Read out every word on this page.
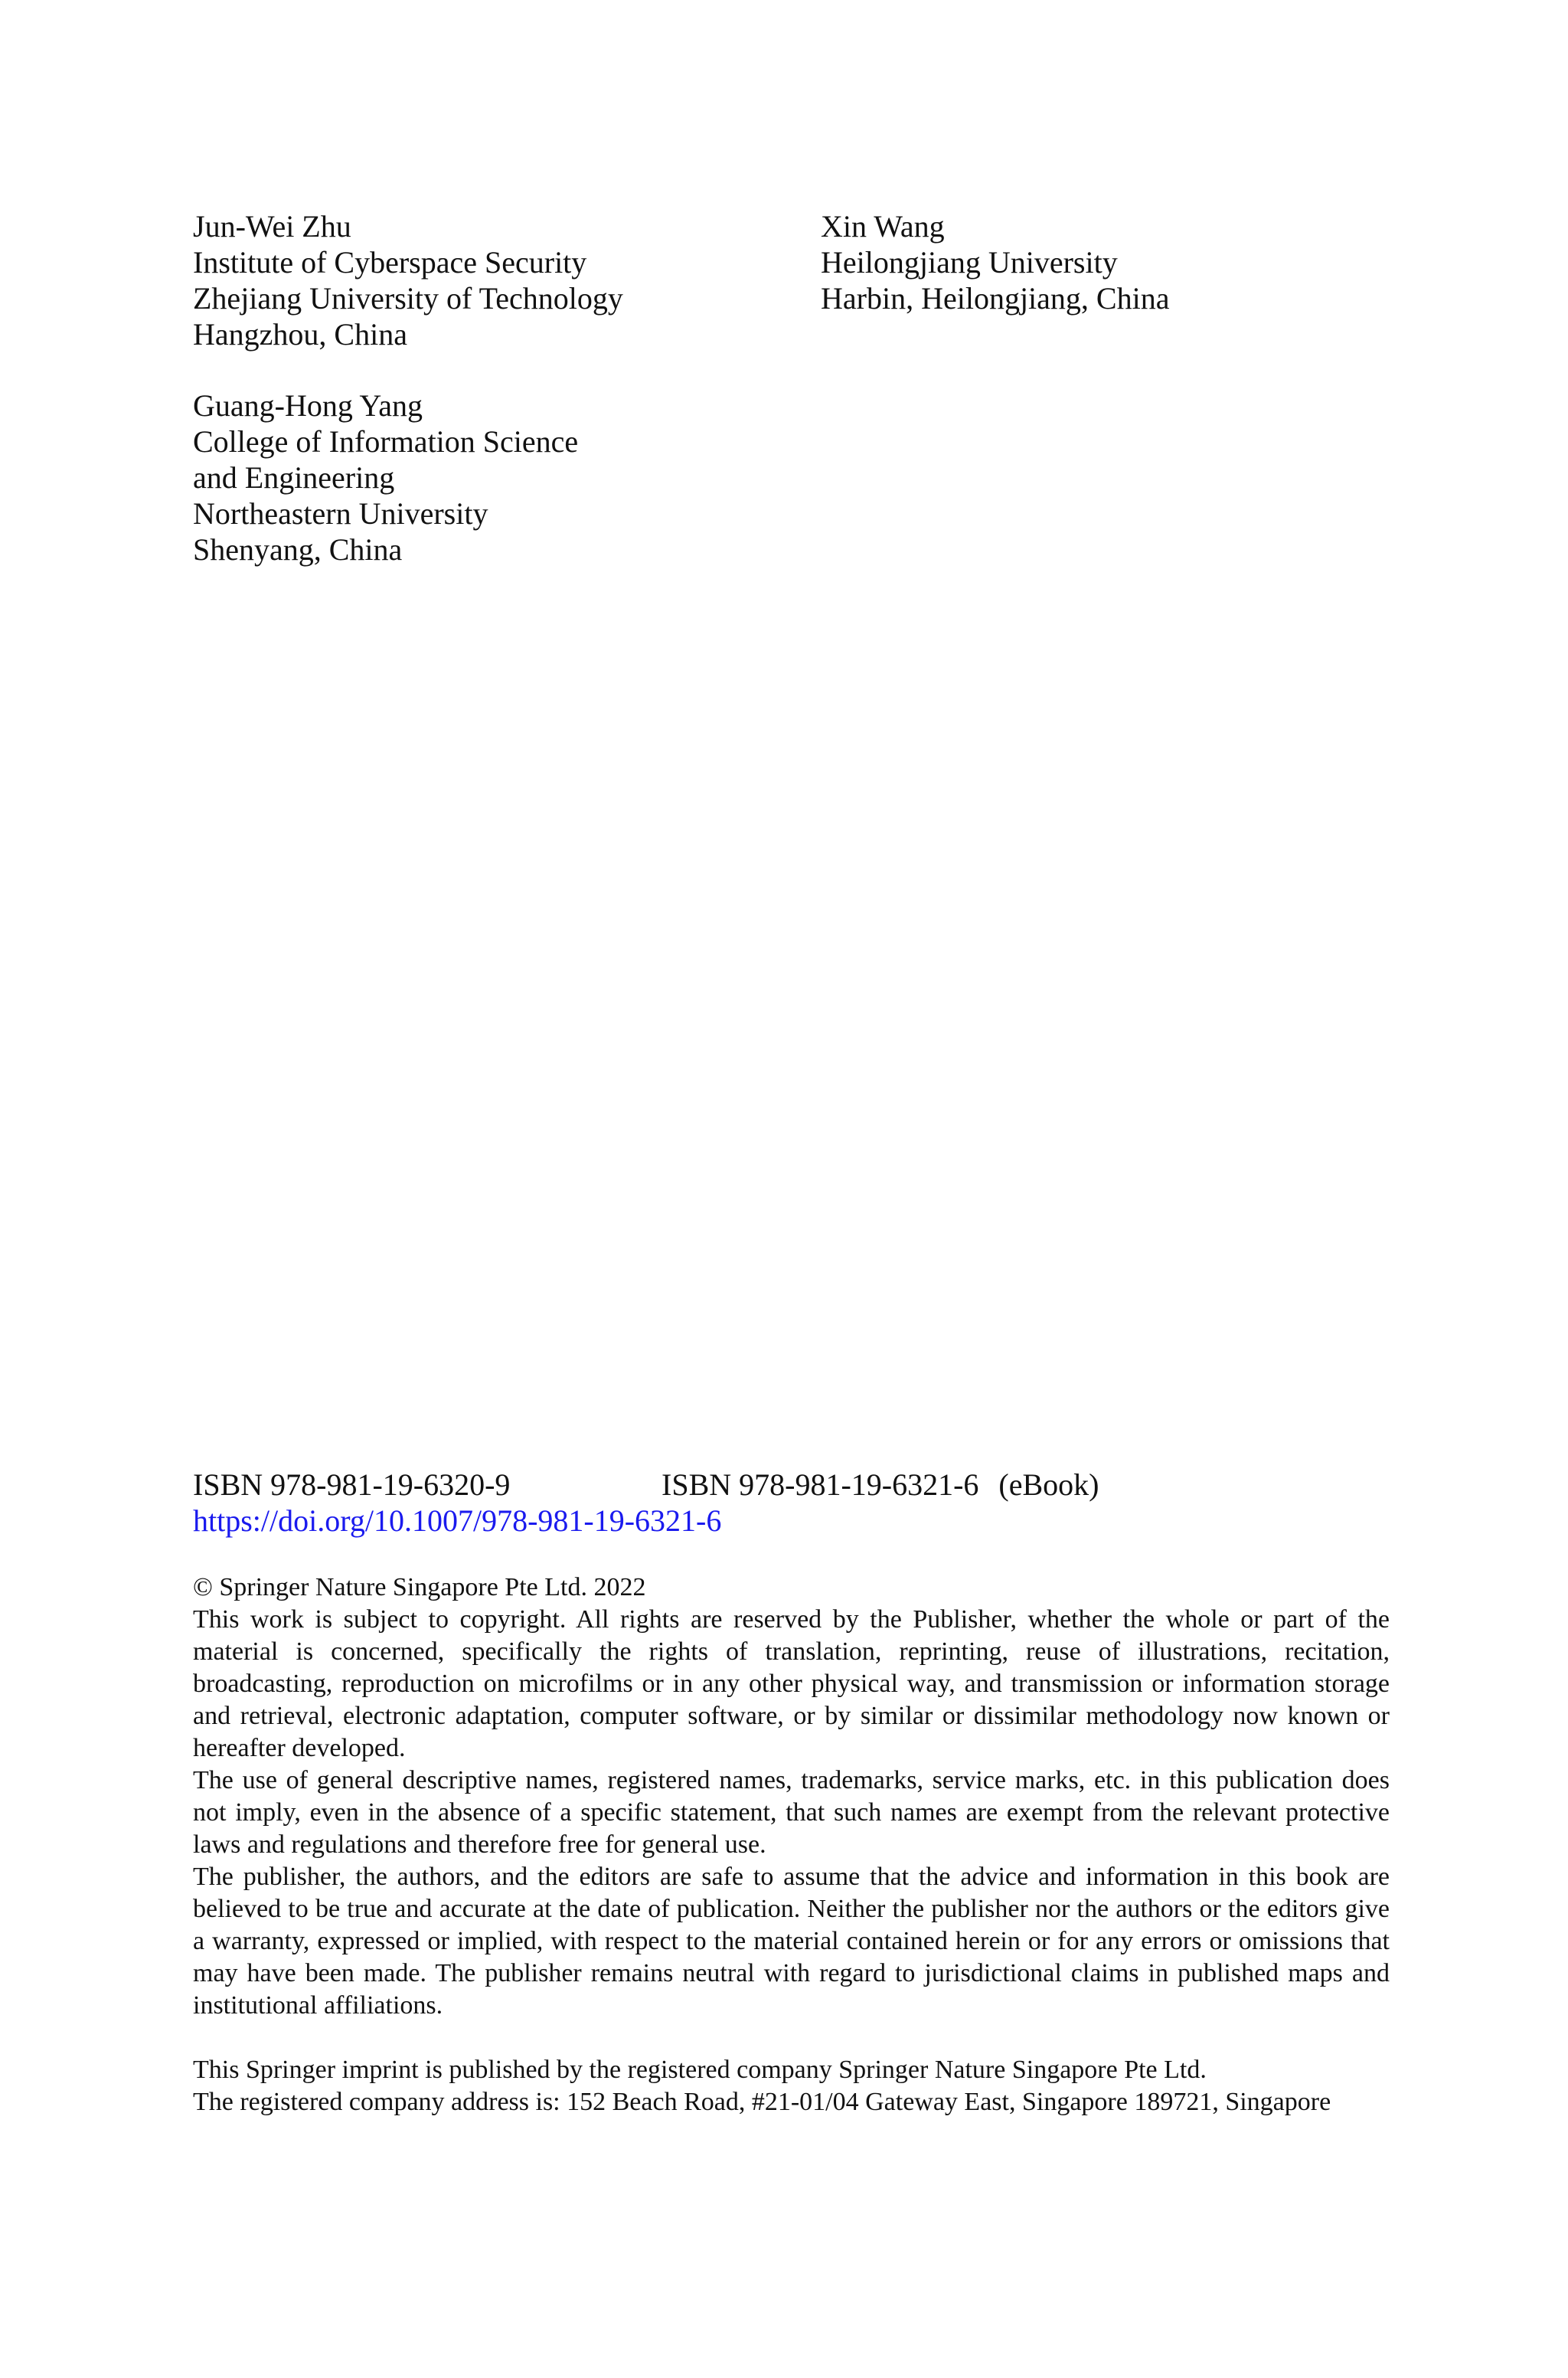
Jun-Wei Zhu
Institute of Cyberspace Security
Zhejiang University of Technology
Hangzhou, China
Xin Wang
Heilongjiang University
Harbin, Heilongjiang, China
Guang-Hong Yang
College of Information Science
and Engineering
Northeastern University
Shenyang, China
ISBN 978-981-19-6320-9	ISBN 978-981-19-6321-6 (eBook)
https://doi.org/10.1007/978-981-19-6321-6

© Springer Nature Singapore Pte Ltd. 2022

This work is subject to copyright. All rights are reserved by the Publisher, whether the whole or part of the material is concerned, specifically the rights of translation, reprinting, reuse of illustrations, recitation, broadcasting, reproduction on microfilms or in any other physical way, and transmission or information storage and retrieval, electronic adaptation, computer software, or by similar or dissimilar methodology now known or hereafter developed.

The use of general descriptive names, registered names, trademarks, service marks, etc. in this publication does not imply, even in the absence of a specific statement, that such names are exempt from the relevant protective laws and regulations and therefore free for general use.

The publisher, the authors, and the editors are safe to assume that the advice and information in this book are believed to be true and accurate at the date of publication. Neither the publisher nor the authors or the editors give a warranty, expressed or implied, with respect to the material contained herein or for any errors or omissions that may have been made. The publisher remains neutral with regard to jurisdictional claims in published maps and institutional affiliations.

This Springer imprint is published by the registered company Springer Nature Singapore Pte Ltd.

The registered company address is: 152 Beach Road, #21-01/04 Gateway East, Singapore 189721, Singapore
